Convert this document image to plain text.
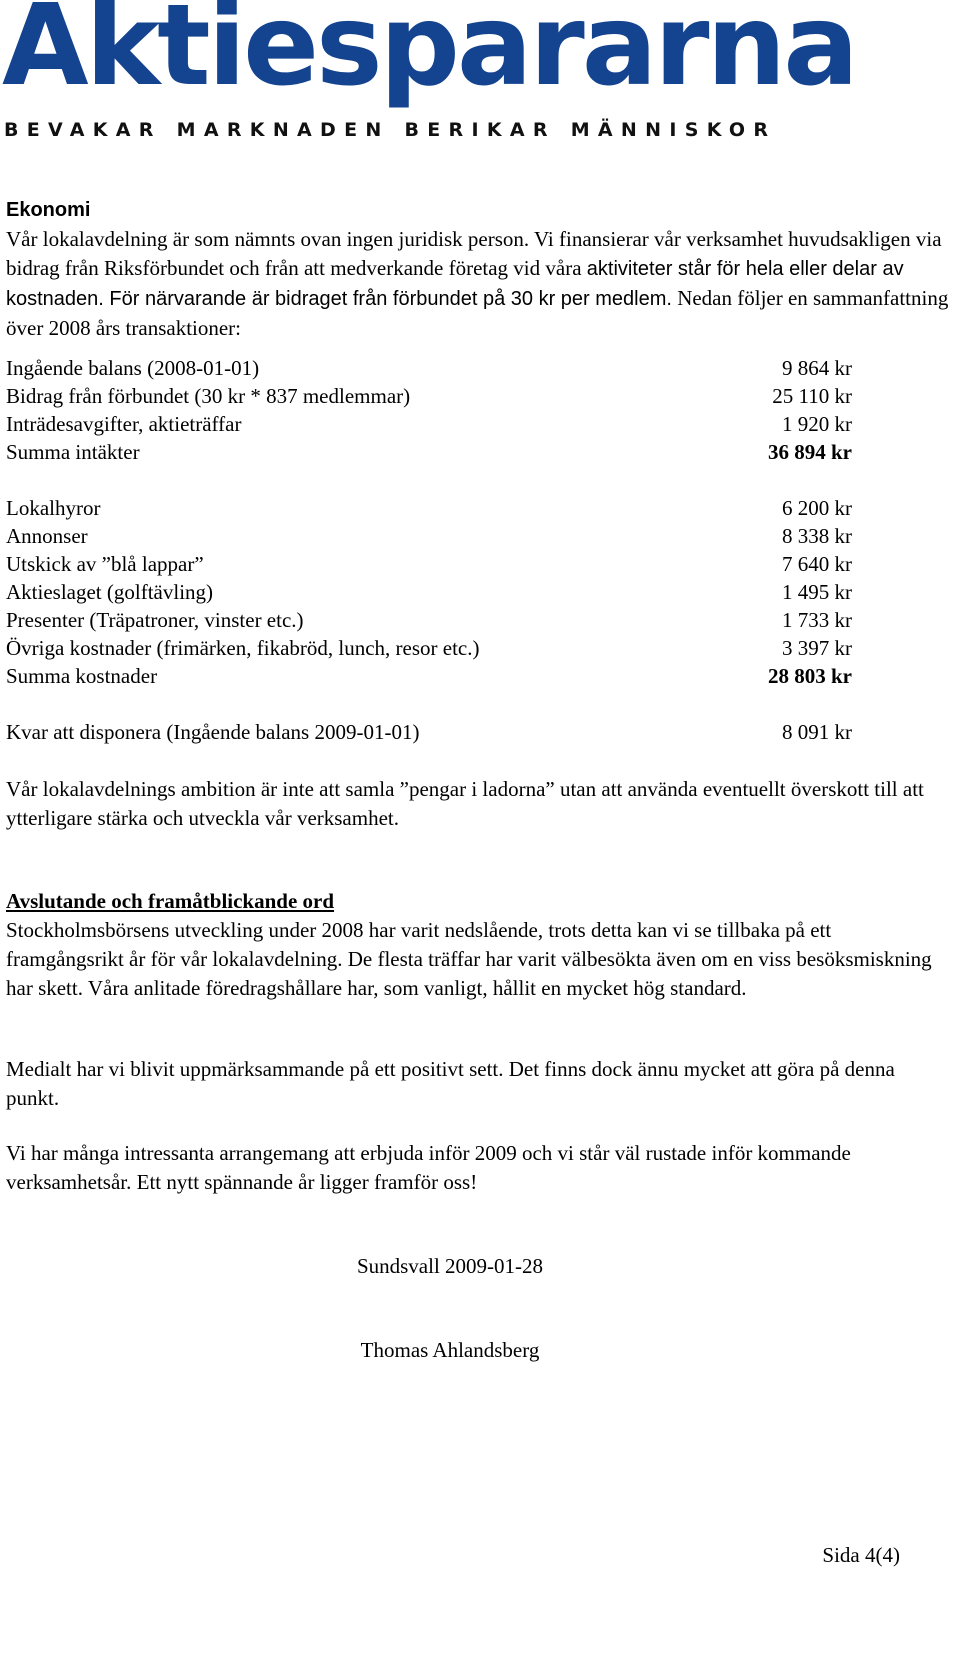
Aktiespararna
BEVAKAR MARKNADEN BERIKAR MÄNNISKOR
Ekonomi
Vår lokalavdelning är som nämnts ovan ingen juridisk person. Vi finansierar vår verksamhet huvudsakligen via bidrag från Riksförbundet och från att medverkande företag vid våra aktiviteter står för hela eller delar av kostnaden. För närvarande är bidraget från förbundet på 30 kr per medlem. Nedan följer en sammanfattning över 2008 års transaktioner:
Ingående balans (2008-01-01)	9 864 kr
Bidrag från förbundet (30 kr * 837 medlemmar)	25 110 kr
Inträdesavgifter, aktieträffar	1 920 kr
Summa intäkter	36 894 kr
Lokalhyror	6 200 kr
Annonser	8 338 kr
Utskick av ”blå lappar”	7 640 kr
Aktieslaget (golftävling)	1 495 kr
Presenter (Träpatroner, vinster etc.)	1 733 kr
Övriga kostnader (frimärken, fikabröd, lunch, resor etc.)	3 397 kr
Summa kostnader	28 803 kr
Kvar att disponera (Ingående balans 2009-01-01)	8 091 kr

Vår lokalavdelnings ambition är inte att samla ”pengar i ladorna” utan att använda eventuellt överskott till att ytterligare stärka och utveckla vår verksamhet.

Avslutande och framåtblickande ord

Stockholmsbörsens utveckling under 2008 har varit nedslående, trots detta kan vi se tillbaka på ett framgångsrikt år för vår lokalavdelning. De flesta träffar har varit välbesökta även om en viss besöksmiskning har skett. Våra anlitade föredragshållare har, som vanligt, hållit en mycket hög standard.

Medialt har vi blivit uppmärksammande på ett positivt sett. Det finns dock ännu mycket att göra på denna punkt.

Vi har många intressanta arrangemang att erbjuda inför 2009 och vi står väl rustade inför kommande verksamhetsår. Ett nytt spännande år ligger framför oss!

Sundsvall 2009-01-28
Thomas Ahlandsberg
Sida 4(4)
